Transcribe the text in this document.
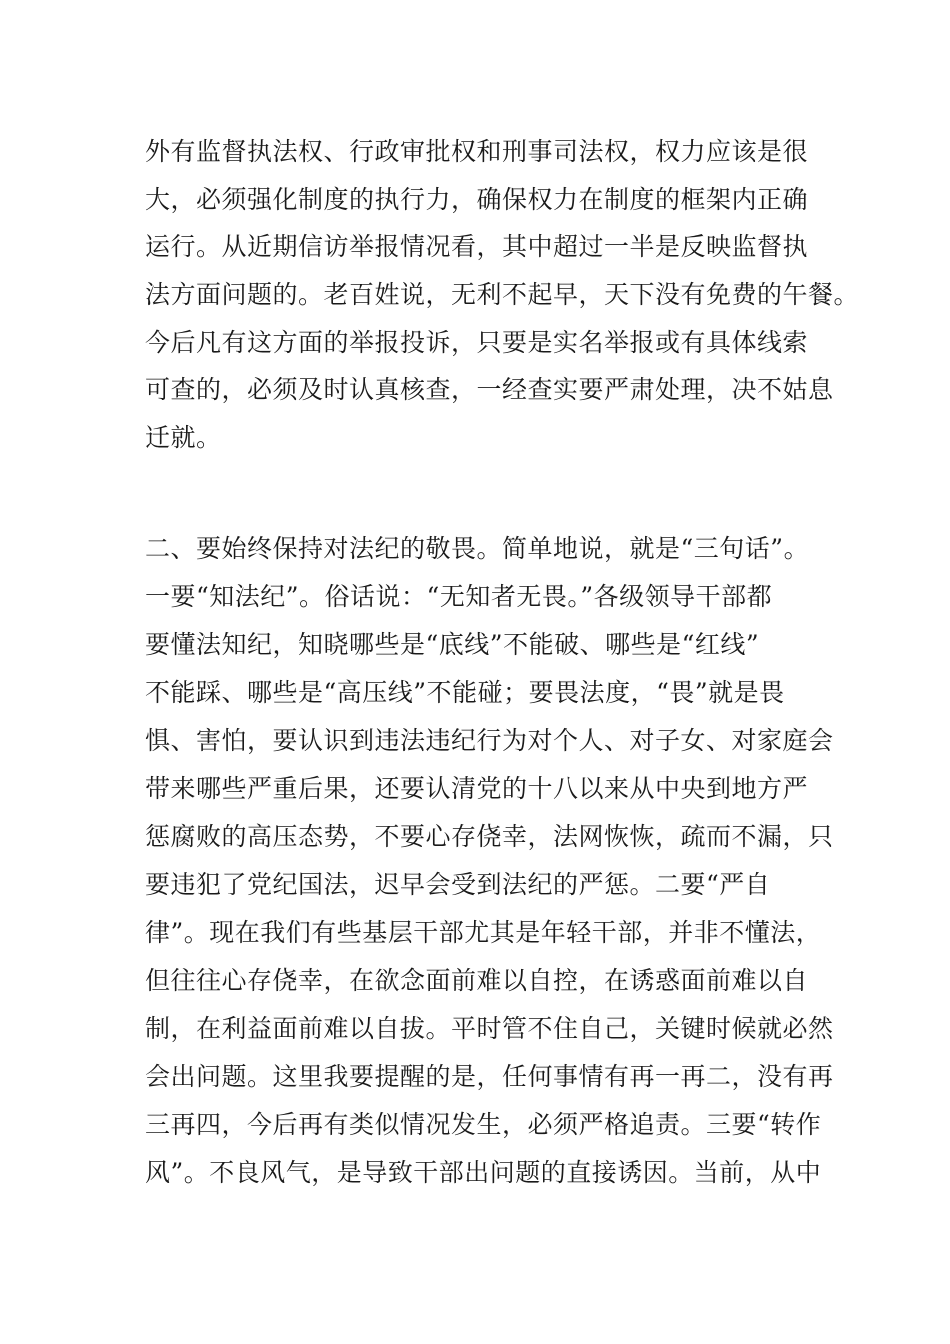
外有监督执法权、行政审批权和刑事司法权，权力应该是很
大，必须强化制度的执行力，确保权力在制度的框架内正确
运行。从近期信访举报情况看，其中超过一半是反映监督执
法方面问题的。老百姓说，无利不起早，天下没有免费的午餐。
今后凡有这方面的举报投诉，只要是实名举报或有具体线索
可查的，必须及时认真核查，一经查实要严肃处理，决不姑息
迁就。
二、要始终保持对法纪的敬畏。简单地说，就是“三句话”。
一要“知法纪”。俗话说：“无知者无畏。”各级领导干部都
要懂法知纪，知晓哪些是“底线”不能破、哪些是“红线”
不能踩、哪些是“高压线”不能碰；要畏法度，“畏”就是畏
惧、害怕，要认识到违法违纪行为对个人、对子女、对家庭会
带来哪些严重后果，还要认清党的十八以来从中央到地方严
惩腐败的高压态势，不要心存侥幸，法网恢恢，疏而不漏，只
要违犯了党纪国法，迟早会受到法纪的严惩。二要“严自
律”。现在我们有些基层干部尤其是年轻干部，并非不懂法，
但往往心存侥幸，在欲念面前难以自控，在诱惑面前难以自
制，在利益面前难以自拔。平时管不住自己，关键时候就必然
会出问题。这里我要提醒的是，任何事情有再一再二，没有再
三再四，今后再有类似情况发生，必须严格追责。三要“转作
风”。不良风气，是导致干部出问题的直接诱因。当前，从中
